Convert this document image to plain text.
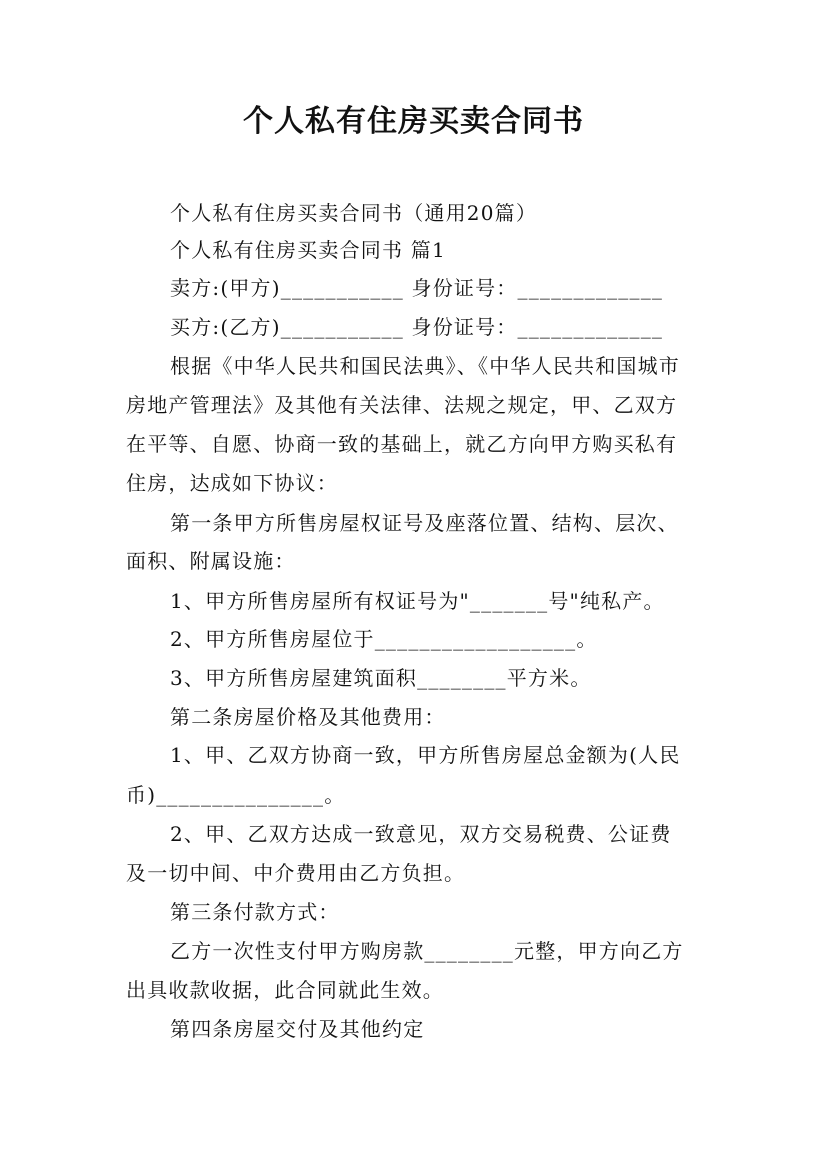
个人私有住房买卖合同书
个人私有住房买卖合同书（通用20篇）
个人私有住房买卖合同书 篇1
卖方:(甲方)___________ 身份证号：_____________
买方:(乙方)___________ 身份证号：_____________
根据《中华人民共和国民法典》、《中华人民共和国城市
房地产管理法》及其他有关法律、法规之规定，甲、乙双方
在平等、自愿、协商一致的基础上，就乙方向甲方购买私有
住房，达成如下协议：
第一条甲方所售房屋权证号及座落位置、结构、层次、
面积、附属设施：
1、甲方所售房屋所有权证号为"_______号"纯私产。
2、甲方所售房屋位于__________________。
3、甲方所售房屋建筑面积________平方米。
第二条房屋价格及其他费用：
1、甲、乙双方协商一致，甲方所售房屋总金额为(人民
币)_______________。
2、甲、乙双方达成一致意见，双方交易税费、公证费
及一切中间、中介费用由乙方负担。
第三条付款方式：
乙方一次性支付甲方购房款________元整，甲方向乙方
出具收款收据，此合同就此生效。
第四条房屋交付及其他约定
